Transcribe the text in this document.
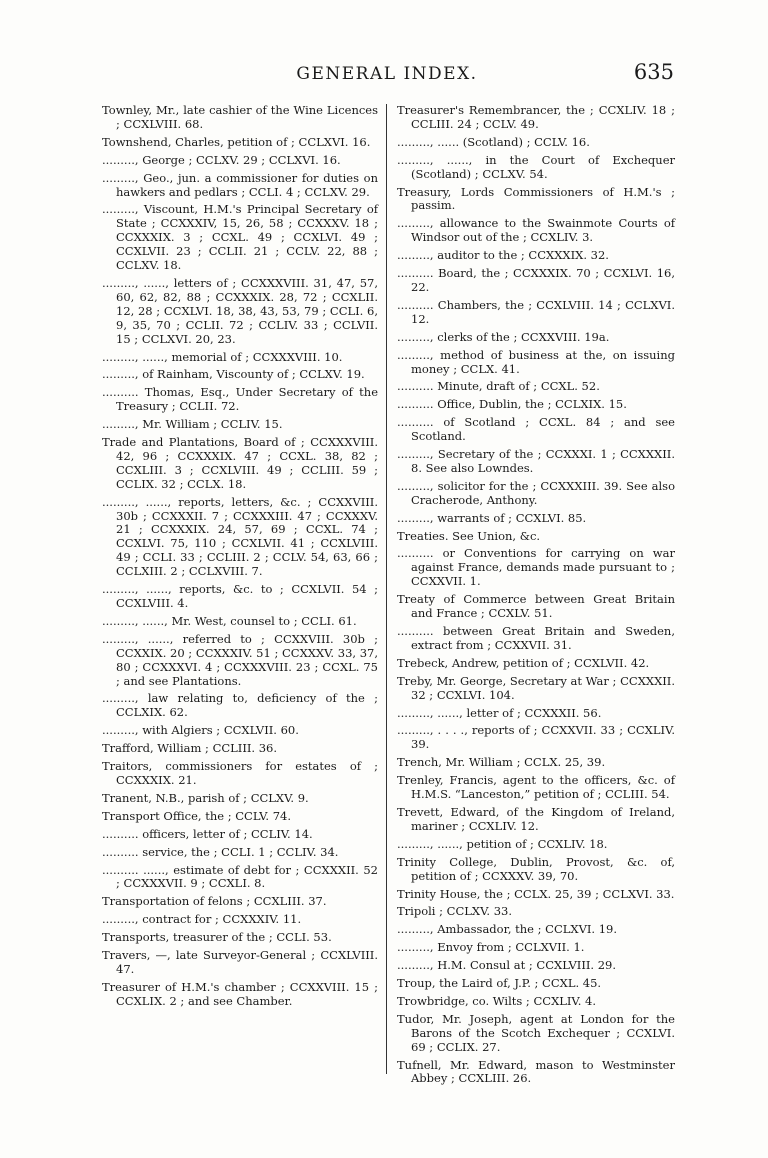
GENERAL INDEX.	635
Townley, Mr., late cashier of the Wine Licences ; CCXLVIII. 68.
Townshend, Charles, petition of ; CCLXVI. 16.
........., George ; CCLXV. 29 ; CCLXVI. 16.
........., Geo., jun. a commissioner for duties on hawkers and pedlars ; CCLI. 4 ; CCLXV. 29.
........., Viscount, H.M.'s Principal Secretary of State ; CCXXXIV, 15, 26, 58 ; CCXXXV. 18 ; CCXXXIX. 3 ; CCXL. 49 ; CCXLVI. 49 ; CCXLVII. 23 ; CCLII. 21 ; CCLV. 22, 88 ; CCLXV. 18.
........., ......, letters of ; CCXXXVIII. 31, 47, 57, 60, 62, 82, 88 ; CCXXXIX. 28, 72 ; CCXLII. 12, 28 ; CCXLVI. 18, 38, 43, 53, 79 ; CCLI. 6, 9, 35, 70 ; CCLII. 72 ; CCLIV. 33 ; CCLVII. 15 ; CCLXVI. 20, 23.
........., ......, memorial of ; CCXXXVIII. 10.
........., of Rainham, Viscounty of ; CCLXV. 19.
.......... Thomas, Esq., Under Secretary of the Treasury ; CCLII. 72.
........., Mr. William ; CCLIV. 15.
Trade and Plantations, Board of ; CCXXXVIII. 42, 96 ; CCXXXIX. 47 ; CCXL. 38, 82 ; CCXLIII. 3 ; CCXLVIII. 49 ; CCLIII. 59 ; CCLIX. 32 ; CCLX. 18.
........., ......, reports, letters, &c. ; CCXXVIII. 30b ; CCXXXII. 7 ; CCXXXIII. 47 ; CCXXXV. 21 ; CCXXXIX. 24, 57, 69 ; CCXL. 74 ; CCXLVI. 75, 110 ; CCXLVII. 41 ; CCXLVIII. 49 ; CCLI. 33 ; CCLIII. 2 ; CCLV. 54, 63, 66 ; CCLXIII. 2 ; CCLXVIII. 7.
........., ......, reports, &c. to ; CCXLVII. 54 ; CCXLVIII. 4.
........., ......, Mr. West, counsel to ; CCLI. 61.
........., ......, referred to ; CCXXVIII. 30b ; CCXXIX. 20 ; CCXXXIV. 51 ; CCXXXV. 33, 37, 80 ; CCXXXVI. 4 ; CCXXXVIII. 23 ; CCXL. 75 ; and see Plantations.
........., law relating to, deficiency of the ; CCLXIX. 62.
........., with Algiers ; CCXLVII. 60.
Trafford, William ; CCLIII. 36.
Traitors, commissioners for estates of ; CCXXXIX. 21.
Tranent, N.B., parish of ; CCLXV. 9.
Transport Office, the ; CCLV. 74.
.......... officers, letter of ; CCLIV. 14.
.......... service, the ; CCLI. 1 ; CCLIV. 34.
.......... ......, estimate of debt for ; CCXXXII. 52 ; CCXXXVII. 9 ; CCXLI. 8.
Transportation of felons ; CCXLIII. 37.
........., contract for ; CCXXXIV. 11.
Transports, treasurer of the ; CCLI. 53.
Travers, —, late Surveyor-General ; CCXLVIII. 47.
Treasurer of H.M.'s chamber ; CCXXVIII. 15 ; CCXLIX. 2 ; and see Chamber.
Treasurer's Remembrancer, the ; CCXLIV. 18 ; CCLIII. 24 ; CCLV. 49.
........., ...... (Scotland) ; CCLV. 16.
........., ......, in the Court of Exchequer (Scotland) ; CCLXV. 54.
Treasury, Lords Commissioners of H.M.'s ; passim.
........., allowance to the Swainmote Courts of Windsor out of the ; CCXLIV. 3.
........., auditor to the ; CCXXXIX. 32.
.......... Board, the ; CCXXXIX. 70 ; CCXLVI. 16, 22.
.......... Chambers, the ; CCXLVIII. 14 ; CCLXVI. 12.
........., clerks of the ; CCXXVIII. 19a.
........., method of business at the, on issuing money ; CCLX. 41.
.......... Minute, draft of ; CCXL. 52.
.......... Office, Dublin, the ; CCLXIX. 15.
.......... of Scotland ; CCXL. 84 ; and see Scotland.
........., Secretary of the ; CCXXXI. 1 ; CCXXXII. 8. See also Lowndes.
........., solicitor for the ; CCXXXIII. 39. See also Cracherode, Anthony.
........., warrants of ; CCXLVI. 85.
Treaties. See Union, &c.
.......... or Conventions for carrying on war against France, demands made pursuant to ; CCXXVII. 1.
Treaty of Commerce between Great Britain and France ; CCXLV. 51.
.......... between Great Britain and Sweden, extract from ; CCXXVII. 31.
Trebeck, Andrew, petition of ; CCXLVII. 42.
Treby, Mr. George, Secretary at War ; CCXXXII. 32 ; CCXLVI. 104.
........., ......, letter of ; CCXXXII. 56.
........., . . . ., reports of ; CCXXVII. 33 ; CCXLIV. 39.
Trench, Mr. William ; CCLX. 25, 39.
Trenley, Francis, agent to the officers, &c. of H.M.S. “Lanceston,” petition of ; CCLIII. 54.
Trevett, Edward, of the Kingdom of Ireland, mariner ; CCXLIV. 12.
........., ......, petition of ; CCXLIV. 18.
Trinity College, Dublin, Provost, &c. of, petition of ; CCXXXV. 39, 70.
Trinity House, the ; CCLX. 25, 39 ; CCLXVI. 33.
Tripoli ; CCLXV. 33.
........., Ambassador, the ; CCLXVI. 19.
........., Envoy from ; CCLXVII. 1.
........., H.M. Consul at ; CCXLVIII. 29.
Troup, the Laird of, J.P. ; CCXL. 45.
Trowbridge, co. Wilts ; CCXLIV. 4.
Tudor, Mr. Joseph, agent at London for the Barons of the Scotch Exchequer ; CCXLVI. 69 ; CCLIX. 27.
Tufnell, Mr. Edward, mason to Westminster Abbey ; CCXLIII. 26.
